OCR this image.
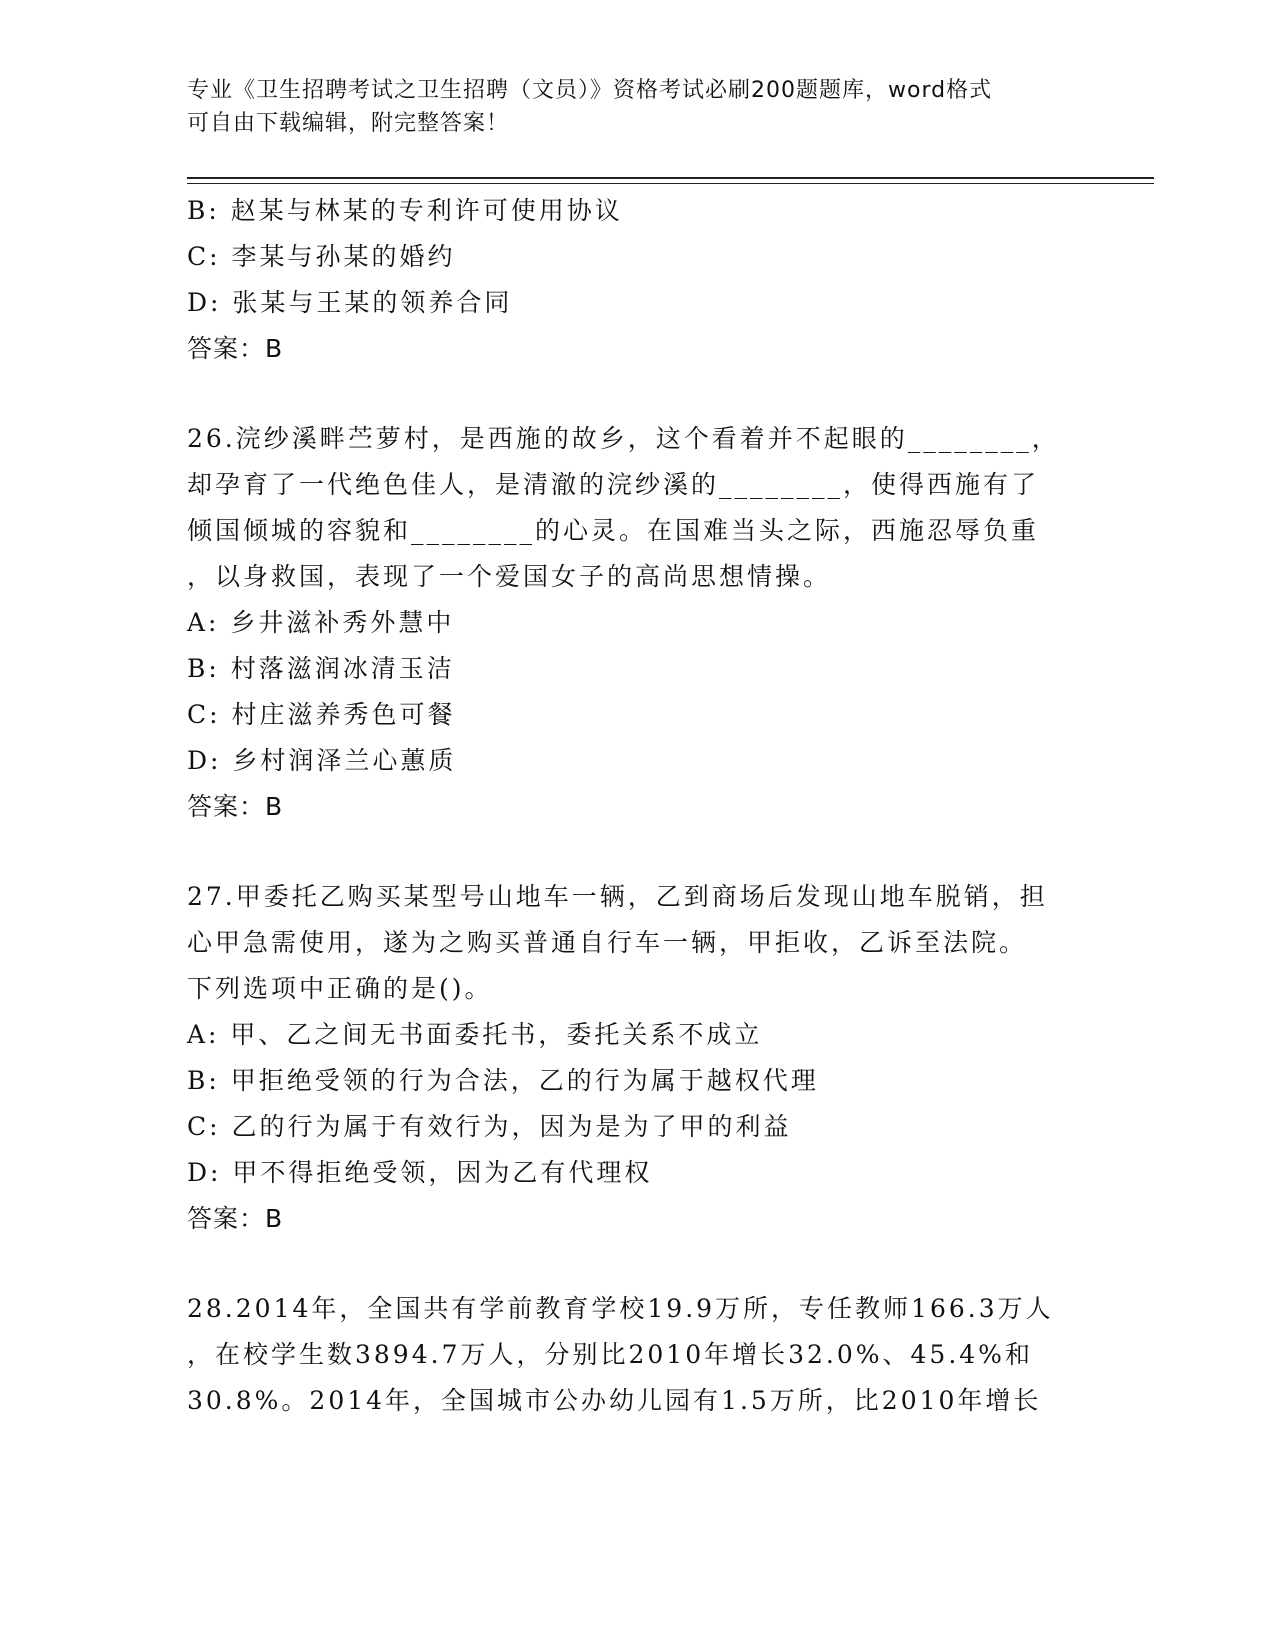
专业《卫生招聘考试之卫生招聘（文员）》资格考试必刷200题题库，word格式
可自由下载编辑，附完整答案！
B: 赵某与林某的专利许可使用协议
C: 李某与孙某的婚约
D: 张某与王某的领养合同
答案：B
26.浣纱溪畔苎萝村，是西施的故乡，这个看着并不起眼的________，
却孕育了一代绝色佳人，是清澈的浣纱溪的________，使得西施有了
倾国倾城的容貌和________的心灵。在国难当头之际，西施忍辱负重
，以身救国，表现了一个爱国女子的高尚思想情操。
A: 乡井滋补秀外慧中
B: 村落滋润冰清玉洁
C: 村庄滋养秀色可餐
D: 乡村润泽兰心蕙质
答案：B
27.甲委托乙购买某型号山地车一辆，乙到商场后发现山地车脱销，担
心甲急需使用，遂为之购买普通自行车一辆，甲拒收，乙诉至法院。
下列选项中正确的是()。
A: 甲、乙之间无书面委托书，委托关系不成立
B: 甲拒绝受领的行为合法，乙的行为属于越权代理
C: 乙的行为属于有效行为，因为是为了甲的利益
D: 甲不得拒绝受领，因为乙有代理权
答案：B
28.2014年，全国共有学前教育学校19.9万所，专任教师166.3万人
，在校学生数3894.7万人，分别比2010年增长32.0%、45.4%和
30.8%。2014年，全国城市公办幼儿园有1.5万所，比2010年增长
